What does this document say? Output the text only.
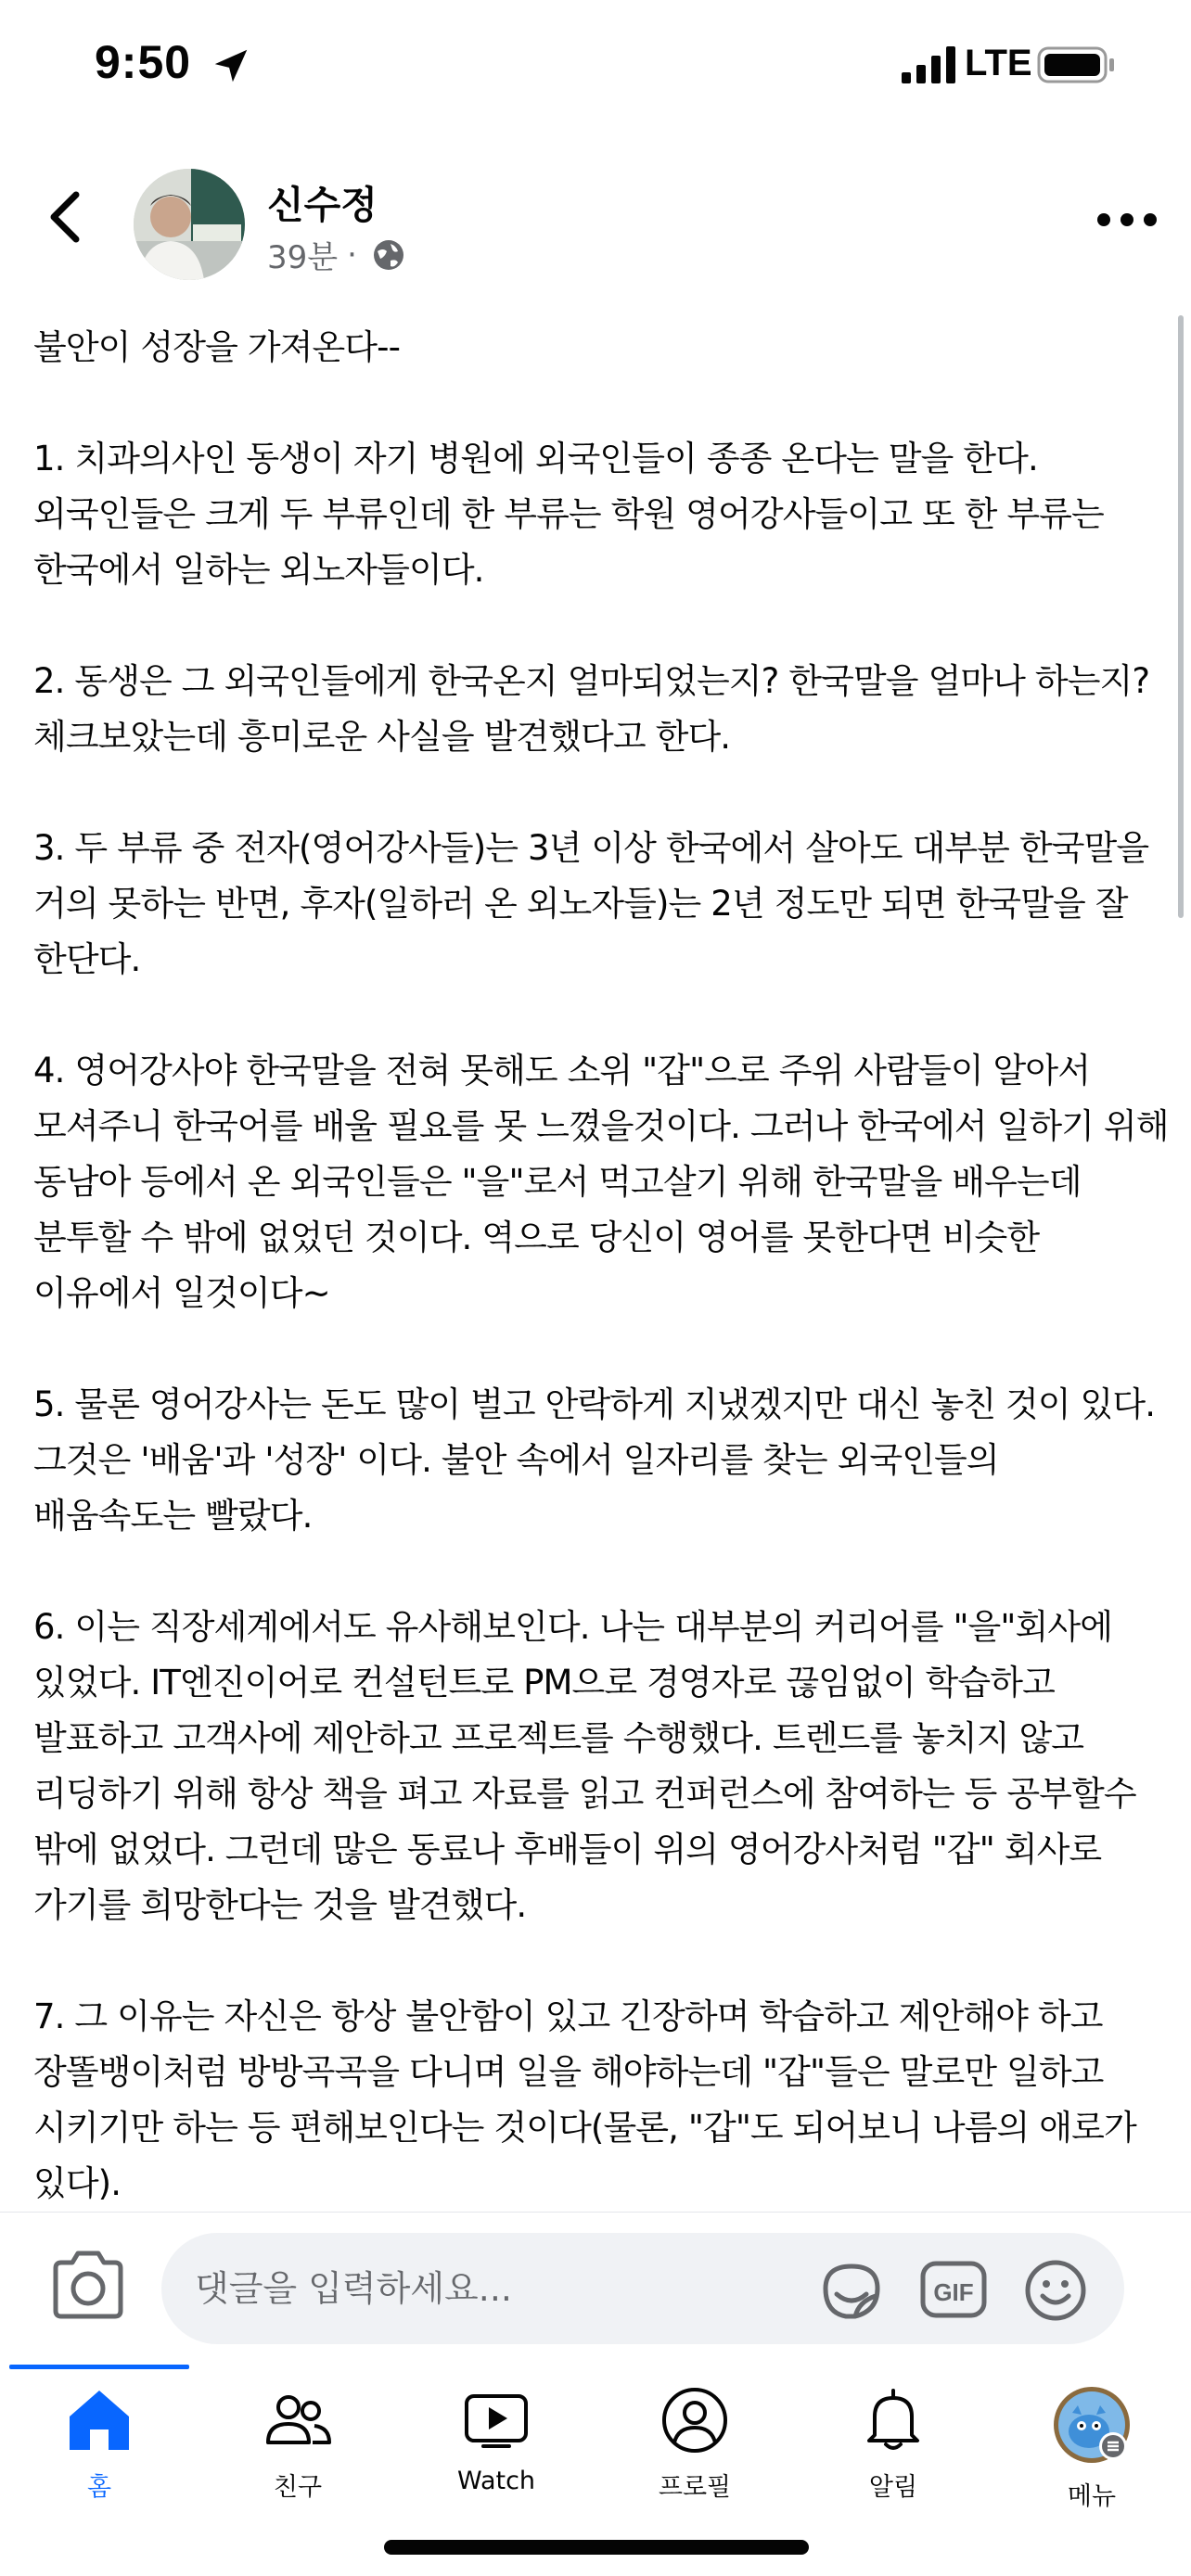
9:50	LTE
신수정
39분 ·

불안이 성장을 가져온다--

1. 치과의사인 동생이 자기 병원에 외국인들이 종종 온다는 말을 한다. 외국인들은 크게 두 부류인데 한 부류는 학원 영어강사들이고 또 한 부류는 한국에서 일하는 외노자들이다.

2. 동생은 그 외국인들에게 한국온지 얼마되었는지? 한국말을 얼마나 하는지? 체크보았는데 흥미로운 사실을 발견했다고 한다.

3. 두 부류 중 전자(영어강사들)는 3년 이상 한국에서 살아도 대부분 한국말을 거의 못하는 반면, 후자(일하러 온 외노자들)는 2년 정도만 되면 한국말을 잘 한단다.

4. 영어강사야 한국말을 전혀 못해도 소위 "갑"으로 주위 사람들이 알아서 모셔주니 한국어를 배울 필요를 못 느꼈을것이다. 그러나 한국에서 일하기 위해 동남아 등에서 온 외국인들은 "을"로서 먹고살기 위해 한국말을 배우는데 분투할 수 밖에 없었던 것이다. 역으로 당신이 영어를 못한다면 비슷한 이유에서 일것이다~

5. 물론 영어강사는 돈도 많이 벌고 안락하게 지냈겠지만 대신 놓친 것이 있다. 그것은 '배움'과 '성장' 이다. 불안 속에서 일자리를 찾는 외국인들의 배움속도는 빨랐다.

6. 이는 직장세계에서도 유사해보인다. 나는 대부분의 커리어를 "을"회사에 있었다. IT엔진이어로 컨설턴트로 PM으로 경영자로 끊임없이 학습하고 발표하고 고객사에 제안하고 프로젝트를 수행했다. 트렌드를 놓치지 않고 리딩하기 위해 항상 책을 펴고 자료를 읽고 컨퍼런스에 참여하는 등 공부할수 밖에 없었다. 그런데 많은 동료나 후배들이 위의 영어강사처럼 "갑" 회사로 가기를 희망한다는 것을 발견했다.

7. 그 이유는 자신은 항상 불안함이 있고 긴장하며 학습하고 제안해야 하고 장똘뱅이처럼 방방곡곡을 다니며 일을 해야하는데 "갑"들은 말로만 일하고 시키기만 하는 등 편해보인다는 것이다(물론, "갑"도 되어보니 나름의 애로가 있다).

댓글을 입력하세요...
GIF
홈	친구	Watch	프로필	알림	메뉴
